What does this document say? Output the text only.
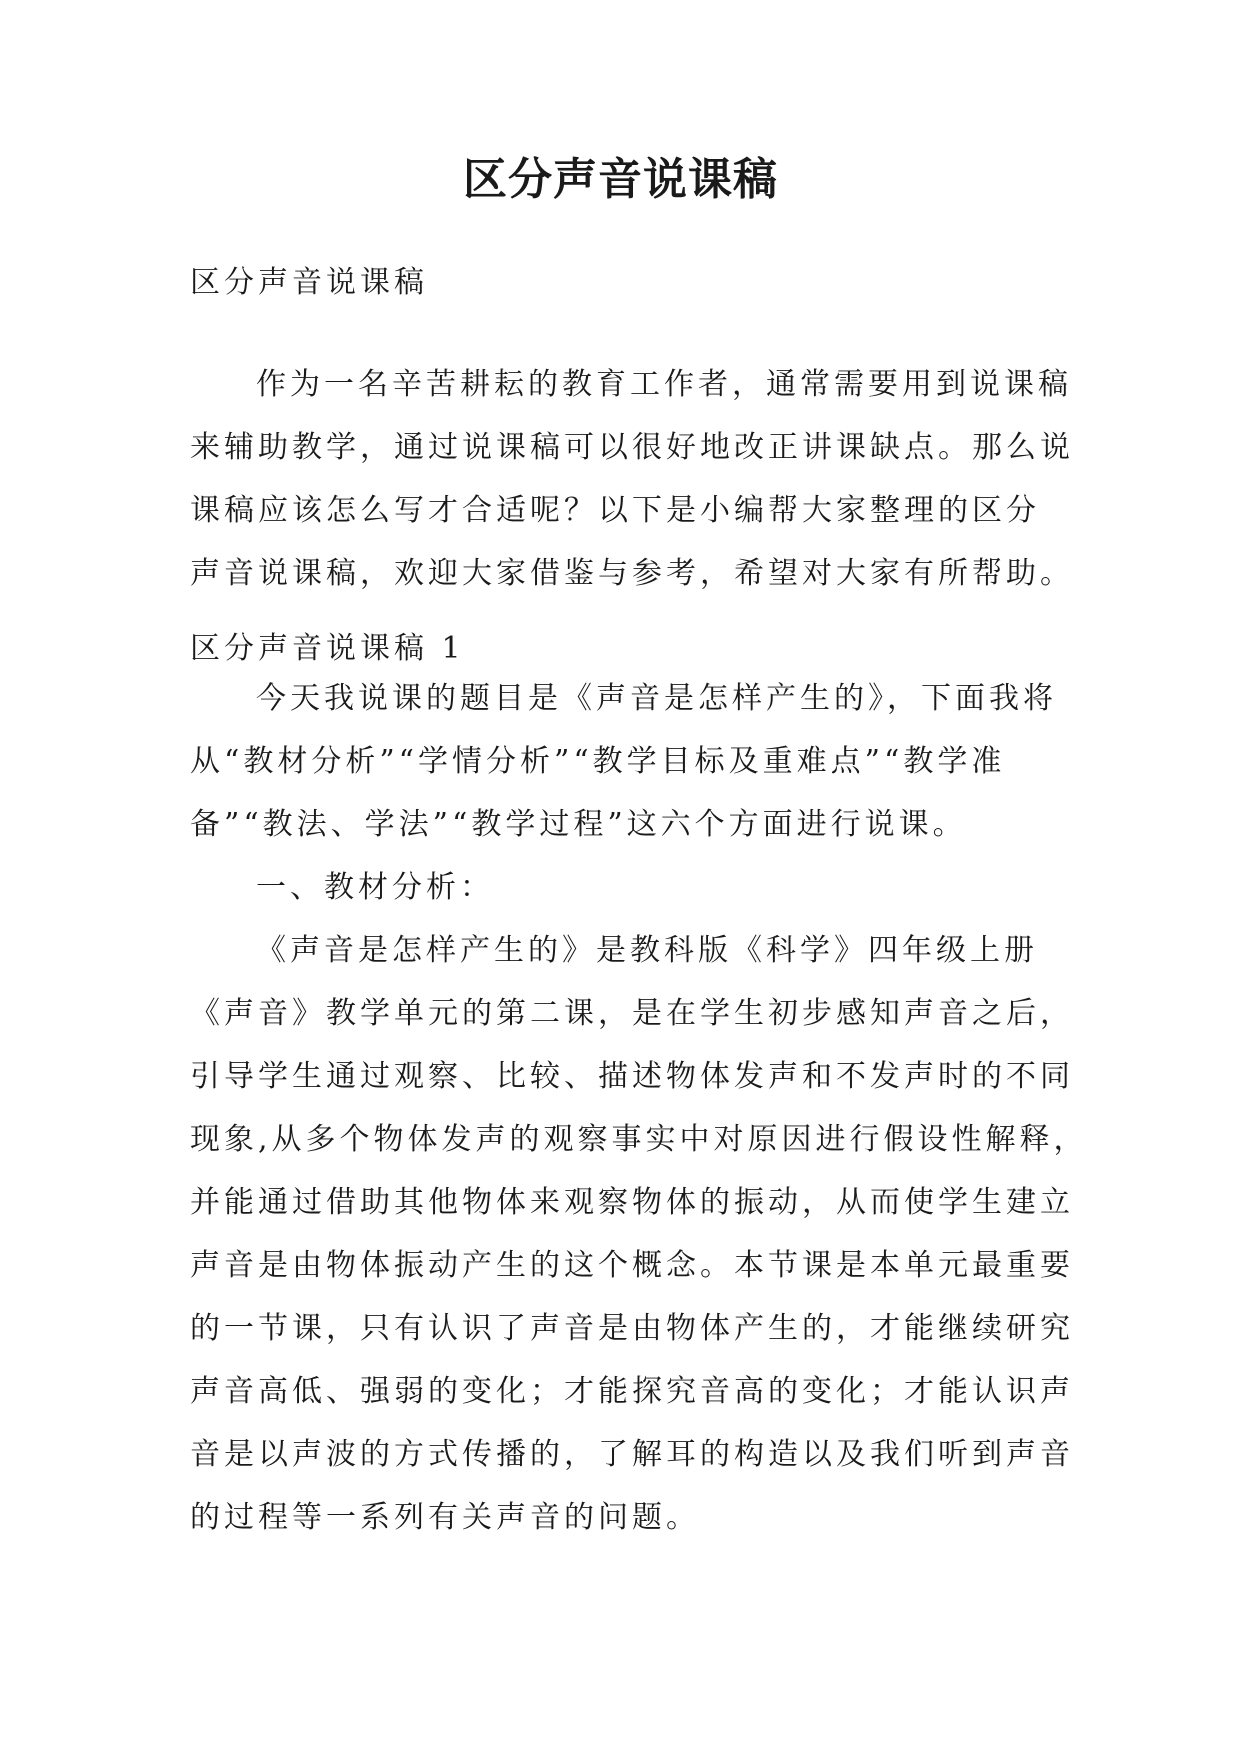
区分声音说课稿
区分声音说课稿
作为一名辛苦耕耘的教育工作者，通常需要用到说课稿
来辅助教学，通过说课稿可以很好地改正讲课缺点。那么说
课稿应该怎么写才合适呢？以下是小编帮大家整理的区分
声音说课稿，欢迎大家借鉴与参考，希望对大家有所帮助。
区分声音说课稿 1
今天我说课的题目是《声音是怎样产生的》，下面我将
从“教材分析”“学情分析”“教学目标及重难点”“教学准
备”“教法、学法”“教学过程”这六个方面进行说课。
一、教材分析：
《声音是怎样产生的》是教科版《科学》四年级上册
《声音》教学单元的第二课，是在学生初步感知声音之后，
引导学生通过观察、比较、描述物体发声和不发声时的不同
现象,从多个物体发声的观察事实中对原因进行假设性解释，
并能通过借助其他物体来观察物体的振动，从而使学生建立
声音是由物体振动产生的这个概念。本节课是本单元最重要
的一节课，只有认识了声音是由物体产生的，才能继续研究
声音高低、强弱的变化；才能探究音高的变化；才能认识声
音是以声波的方式传播的，了解耳的构造以及我们听到声音
的过程等一系列有关声音的问题。
